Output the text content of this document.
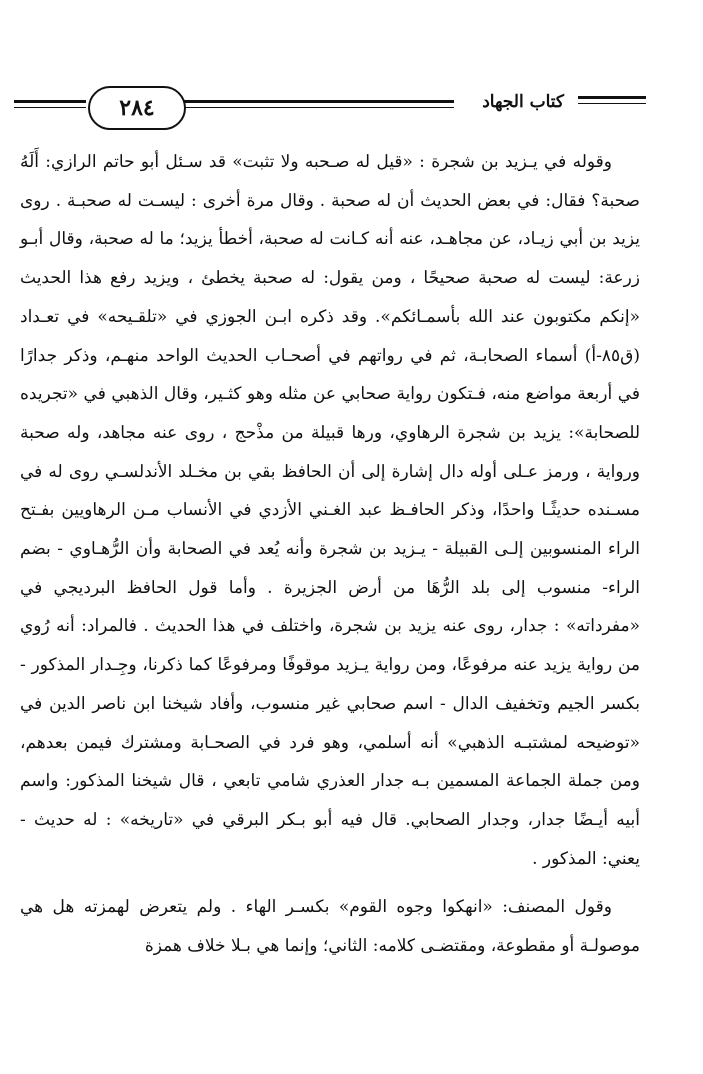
٢٨٤	كتاب الجهاد

وقوله في يـزيد بن شجرة : «قيل له صـحبه ولا تثبت» قد سـئل أبو حاتم الرازي: أَلَهُ صحبة؟ فقال: في بعض الحديث أن له صحبة . وقال مرة أخرى : ليسـت له صحبـة . روى يزيد بن أبي زيـاد، عن مجاهـد، عنه أنه كـانت له صحبة، أخطأ يزيد؛ ما له صحبة، وقال أبـو زرعة: ليست له صحبة صحيحًا ، ومن يقول: له صحبة يخطئ ، ويزيد رفع هذا الحديث «إنكم مكتوبون عند الله بأسمـائكم». وقد ذكره ابـن الجوزي في «تلقـيحه» في تعـداد (ق٨٥-أ) أسماء الصحابـة، ثم في رواتهم في أصحـاب الحديث الواحد منهـم، وذكر جدارًا في أربعة مواضع منه، فـتكون رواية صحابي عن مثله وهو كثـير، وقال الذهبي في «تجريده للصحابة»: يزيد بن شجرة الرهاوي، ورها قبيلة من مذْحج ، روى عنه مجاهد، وله صحبة ورواية ، ورمز عـلى أوله دال إشارة إلى أن الحافظ بقي بن مخـلد الأندلسـي روى له في مسـنده حديثًـا واحدًا، وذكر الحافـظ عبد الغـني الأزدي في الأنساب مـن الرهاويين بفـتح الراء المنسوبين إلـى القبيلة - يـزيد بن شجرة وأنه يُعد في الصحابة وأن الرُّهـاوي - بضم الراء- منسوب إلى بلد الرُّهَا من أرض الجزيرة . وأما قول الحافظ البرديجي في «مفرداته» : جدار، روى عنه يزيد بن شجرة، واختلف في هذا الحديث . فالمراد: أنه رُوي من رواية يزيد عنه مرفوعًا، ومن رواية يـزيد موقوفًا ومرفوعًا كما ذكرنا، وجِـدار المذكور - بكسر الجيم وتخفيف الدال - اسم صحابي غير منسوب، وأفاد شيخنا ابن ناصر الدين في «توضيحه لمشتبـه الذهبي» أنه أسلمي، وهو فرد في الصحـابة ومشترك فيمن بعدهم، ومن جملة الجماعة المسمين بـه جدار العذري شامي تابعي ، قال شيخنا المذكور: واسم أبيه أيـضًا جدار، وجدار الصحابي. قال فيه أبو بـكر البرقي في «تاريخه» : له حديث - يعني: المذكور .

وقول المصنف: «انهكوا وجوه القوم» بكسـر الهاء . ولم يتعرض لهمزته هل هي موصولـة أو مقطوعة، ومقتضـى كلامه: الثاني؛ وإنما هي بـلا خلاف همزة
